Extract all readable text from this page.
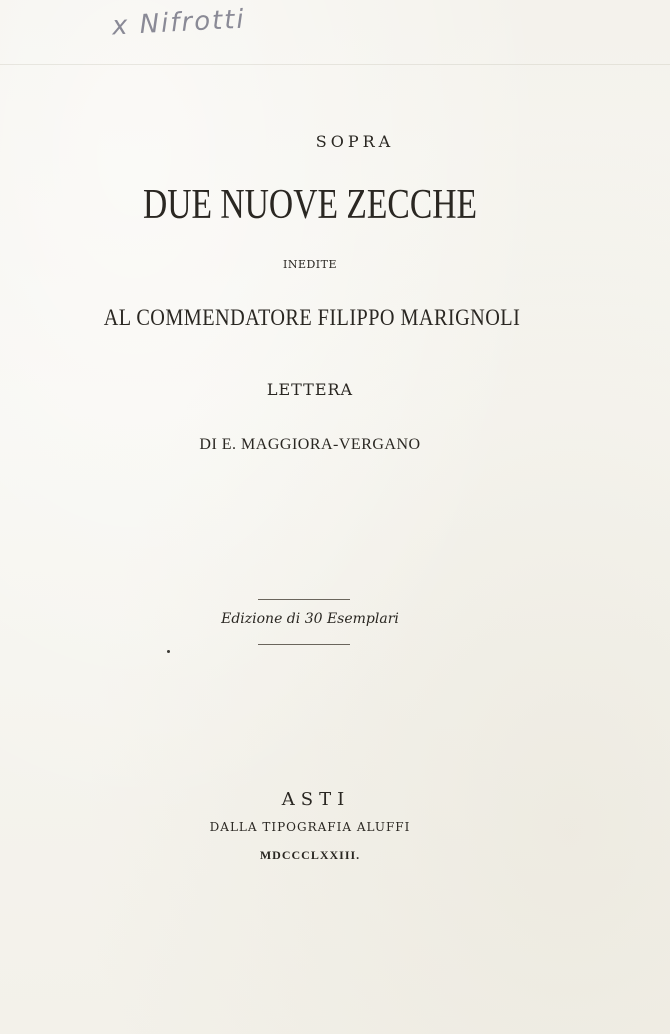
x Nifrotti
SOPRA
DUE NUOVE ZECCHE
INEDITE
AL COMMENDATORE FILIPPO MARIGNOLI
LETTERA
DI E. MAGGIORA-VERGANO
Edizione di 30 Esemplari
ASTI
DALLA TIPOGRAFIA ALUFFI
MDCCCLXXIII.
